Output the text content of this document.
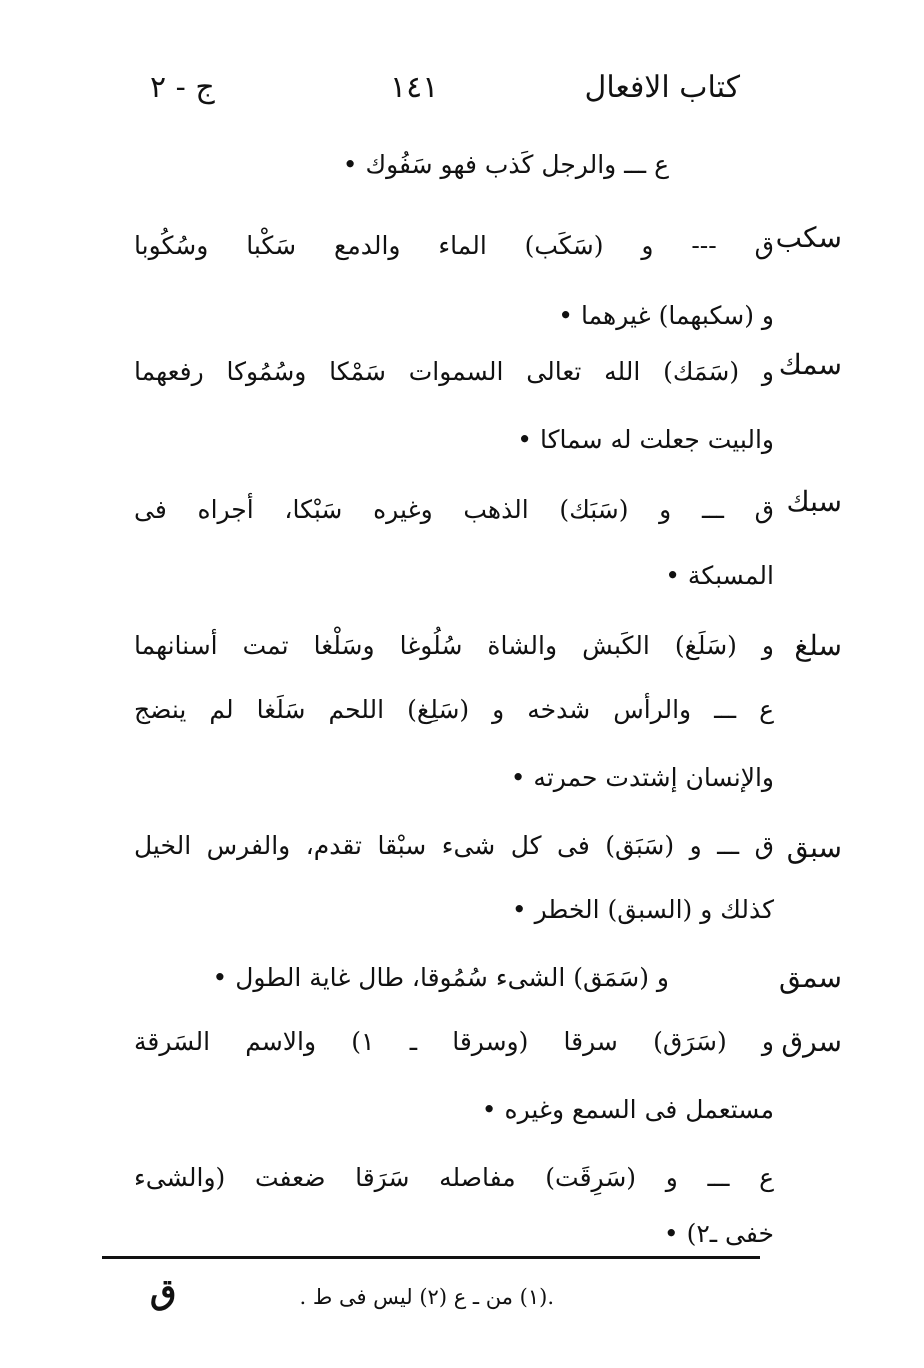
كتاب الافعال
١٤١
ج - ٢
ع ـــ والرجل كَذب فهو سَفُوك •
سكب
ق --- و (سَكَب) الماء والدمع سَكْبا وسُكُوبا
و (سكبهما) غيرهما •
سمك
و (سَمَك) الله تعالى السموات سَمْكا وسُمُوكا رفعهما
والبيت جعلت له سماكا •
سبك
ق ـــ و (سَبَك) الذهب وغيره سَبْكا، أجراه فى
المسبكة •
سلغ
و (سَلَغ) الكَبش والشاة سُلُوغا وسَلْغا تمت أسنانهما
ع ـــ والرأس شدخه و (سَلِغ) اللحم سَلَغا لم ينضج
والإنسان إشتدت حمرته •
سبق
ق ـــ و (سَبَق) فى كل شىء سبْقا تقدم، والفرس الخيل
كذلك و (السبق) الخطر •
سمق
و (سَمَق) الشىء سُمُوقا، طال غاية الطول •
سرق
و (سَرَق) سرقا (وسرقا ـ ١) والاسم السَرقة
مستعمل فى السمع وغيره •
ع ـــ و (سَرِقَت) مفاصله سَرَقا ضعفت (والشىء
خفى ـ٢) •
.(١) من ـ ع (٢) ليس فى ط .
ق
